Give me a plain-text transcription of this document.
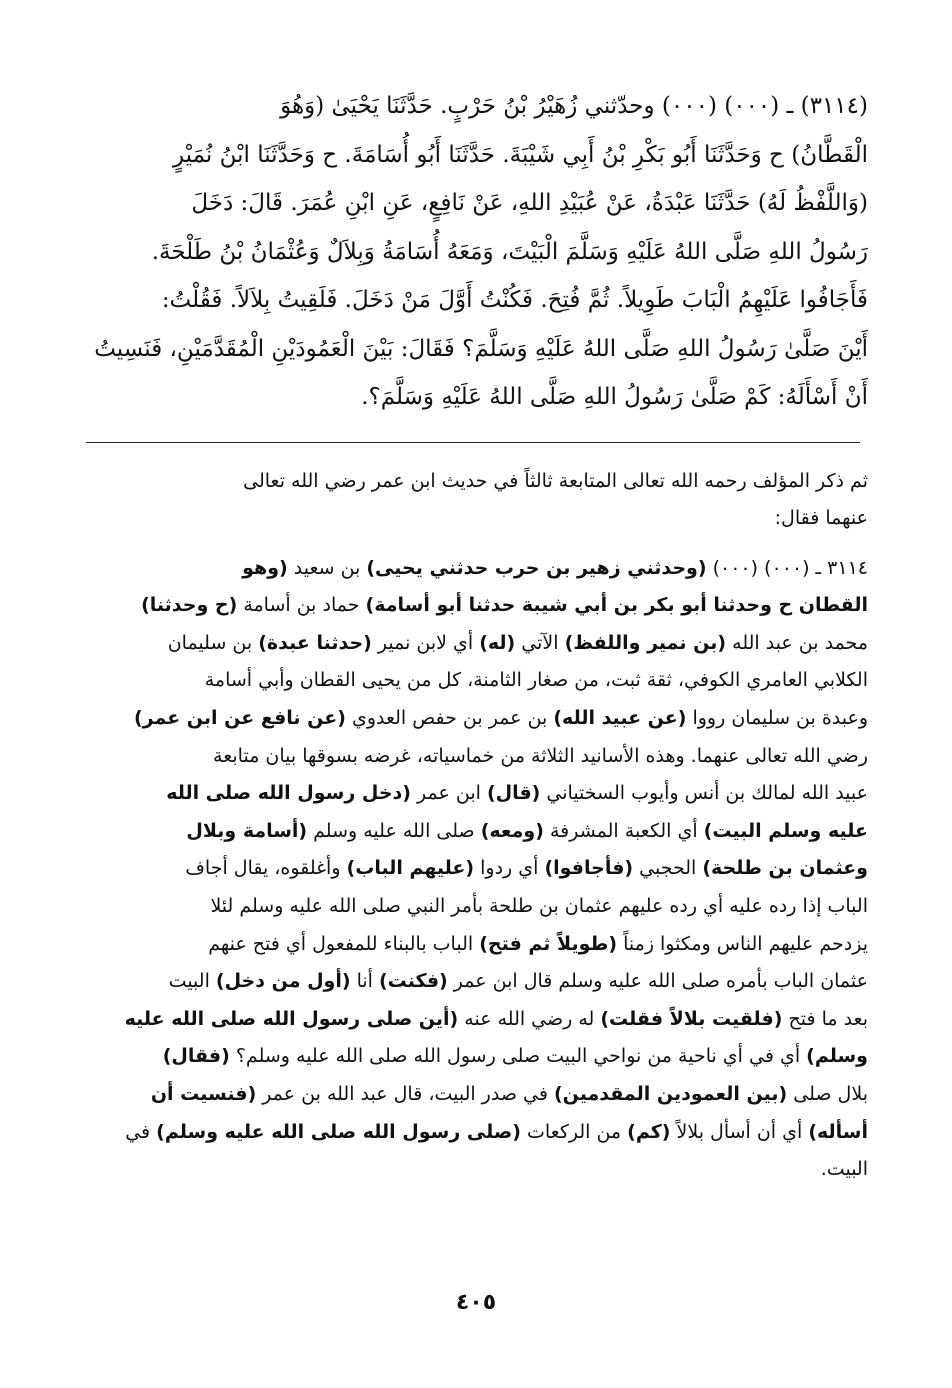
(٣١١٤) ـ (٠٠٠) (٠٠٠) وحدّثني زُهَيْرُ بْنُ حَرْبٍ. حَدَّثَنَا يَحْيَىٰ (وَهُوَ
الْقَطَّانُ) ح وَحَدَّثَنَا أَبُو بَكْرِ بْنُ أَبِي شَيْبَةَ. حَدَّثَنَا أَبُو أُسَامَةَ. ح وَحَدَّثَنَا ابْنُ نُمَيْرٍ
(وَاللَّفْظُ لَهُ) حَدَّثَنَا عَبْدَةُ، عَنْ عُبَيْدِ اللهِ، عَنْ نَافِعٍ، عَنِ ابْنِ عُمَرَ. قَالَ: دَخَلَ
رَسُولُ اللهِ صَلَّى اللهُ عَلَيْهِ وَسَلَّمَ الْبَيْتَ، وَمَعَهُ أُسَامَةُ وَبِلاَلٌ وَعُثْمَانُ بْنُ طَلْحَةَ.
فَأَجَافُوا عَلَيْهِمُ الْبَابَ طَوِيلاً. ثُمَّ فُتِحَ. فَكُنْتُ أَوَّلَ مَنْ دَخَلَ. فَلَقِيتُ بِلاَلاً. فَقُلْتُ:
أَيْنَ صَلَّىٰ رَسُولُ اللهِ صَلَّى اللهُ عَلَيْهِ وَسَلَّمَ؟ فَقَالَ: بَيْنَ الْعَمُودَيْنِ الْمُقَدَّمَيْنِ، فَنَسِيتُ
أَنْ أَسْأَلَهُ: كَمْ صَلَّىٰ رَسُولُ اللهِ صَلَّى اللهُ عَلَيْهِ وَسَلَّمَ؟.
ثم ذكر المؤلف رحمه الله تعالى المتابعة ثالثاً في حديث ابن عمر رضي الله تعالى
عنهما فقال:
٣١١٤ ـ (٠٠٠) (٠٠٠) (وحدثني زهير بن حرب حدثني يحيى) بن سعيد (وهو
القطان ح وحدثنا أبو بكر بن أبي شيبة حدثنا أبو أسامة) حماد بن أسامة (ح وحدثنا)
محمد بن عبد الله (بن نمير واللفظ) الآتي (له) أي لابن نمير (حدثنا عبدة) بن سليمان
الكلابي العامري الكوفي، ثقة ثبت، من صغار الثامنة، كل من يحيى القطان وأبي أسامة
وعبدة بن سليمان رووا (عن عبيد الله) بن عمر بن حفص العدوي (عن نافع عن ابن عمر)
رضي الله تعالى عنهما. وهذه الأسانيد الثلاثة من خماسياته، غرضه بسوقها بيان متابعة
عبيد الله لمالك بن أنس وأيوب السختياني (قال) ابن عمر (دخل رسول الله صلى الله
عليه وسلم البيت) أي الكعبة المشرفة (ومعه) صلى الله عليه وسلم (أسامة وبلال
وعثمان بن طلحة) الحجبي (فأجافوا) أي ردوا (عليهم الباب) وأغلقوه، يقال أجاف
الباب إذا رده عليه أي رده عليهم عثمان بن طلحة بأمر النبي صلى الله عليه وسلم لئلا
يزدحم عليهم الناس ومكثوا زمناً (طويلاً ثم فتح) الباب بالبناء للمفعول أي فتح عنهم
عثمان الباب بأمره صلى الله عليه وسلم قال ابن عمر (فكنت) أنا (أول من دخل) البيت
بعد ما فتح (فلقيت بلالاً فقلت) له رضي الله عنه (أين صلى رسول الله صلى الله عليه
وسلم) أي في أي ناحية من نواحي البيت صلى رسول الله صلى الله عليه وسلم؟ (فقال)
بلال صلى (بين العمودين المقدمين) في صدر البيت، قال عبد الله بن عمر (فنسيت أن
أسأله) أي أن أسأل بلالاً (كم) من الركعات (صلى رسول الله صلى الله عليه وسلم) في
البيت.
٤٠٥
